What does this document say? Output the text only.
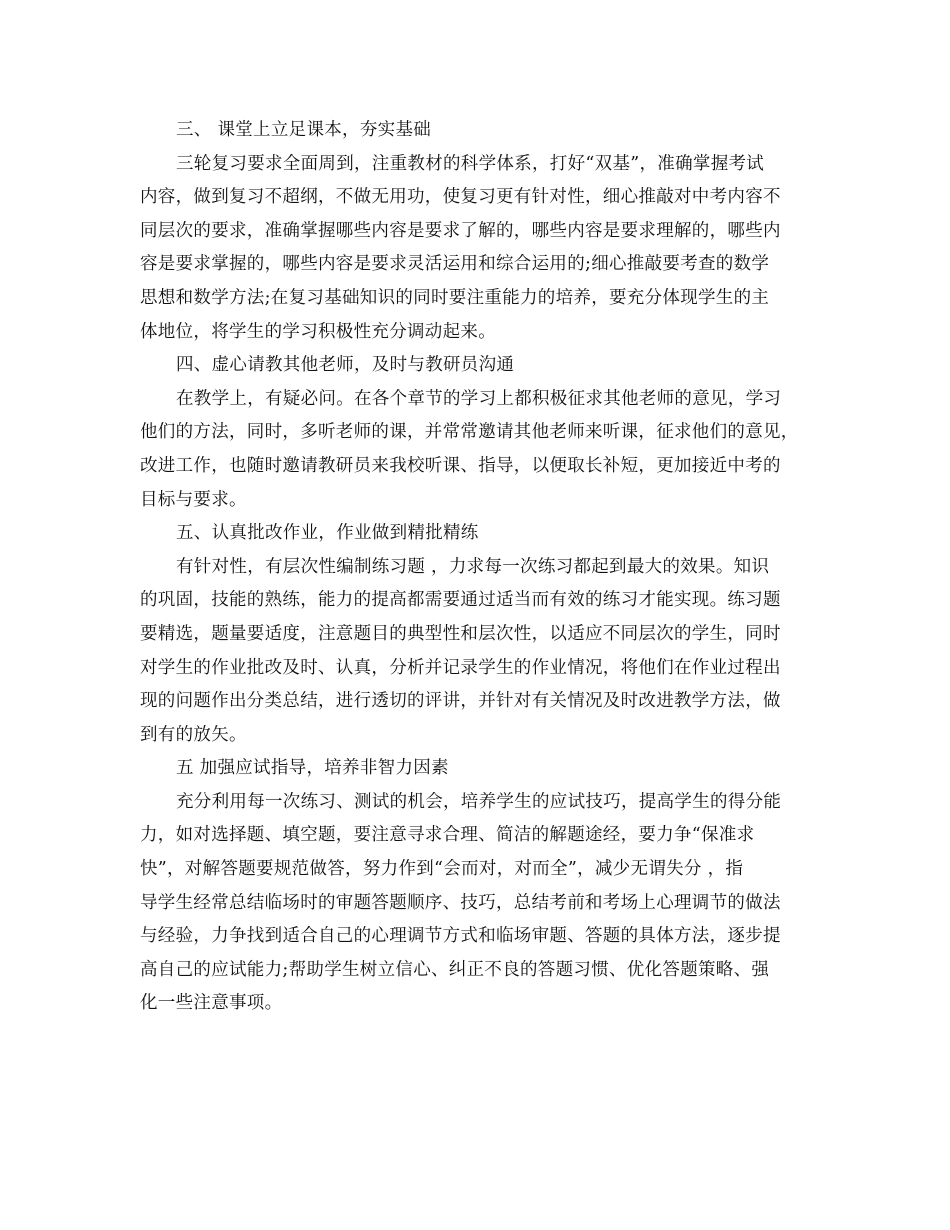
三、 课堂上立足课本，夯实基础
三轮复习要求全面周到，注重教材的科学体系，打好“双基”，准确掌握考试
内容，做到复习不超纲，不做无用功，使复习更有针对性，细心推敲对中考内容不
同层次的要求，准确掌握哪些内容是要求了解的，哪些内容是要求理解的，哪些内
容是要求掌握的，哪些内容是要求灵活运用和综合运用的;细心推敲要考查的数学
思想和数学方法;在复习基础知识的同时要注重能力的培养，要充分体现学生的主
体地位，将学生的学习积极性充分调动起来。
四、虚心请教其他老师，及时与教研员沟通
在教学上，有疑必问。在各个章节的学习上都积极征求其他老师的意见，学习
他们的方法，同时，多听老师的课，并常常邀请其他老师来听课，征求他们的意见，
改进工作，也随时邀请教研员来我校听课、指导，以便取长补短，更加接近中考的
目标与要求。
五、认真批改作业，作业做到精批精练
有针对性，有层次性编制练习题 ，力求每一次练习都起到最大的效果。知识
的巩固，技能的熟练，能力的提高都需要通过适当而有效的练习才能实现。练习题
要精选，题量要适度，注意题目的典型性和层次性，以适应不同层次的学生，同时
对学生的作业批改及时、认真，分析并记录学生的作业情况，将他们在作业过程出
现的问题作出分类总结，进行透切的评讲，并针对有关情况及时改进教学方法，做
到有的放矢。
五 加强应试指导，培养非智力因素
充分利用每一次练习、测试的机会，培养学生的应试技巧，提高学生的得分能
力，如对选择题、填空题，要注意寻求合理、简洁的解题途经，要力争“保准求
快”，对解答题要规范做答，努力作到“会而对，对而全”，减少无谓失分 ，指
导学生经常总结临场时的审题答题顺序、技巧，总结考前和考场上心理调节的做法
与经验，力争找到适合自己的心理调节方式和临场审题、答题的具体方法，逐步提
高自己的应试能力;帮助学生树立信心、纠正不良的答题习惯、优化答题策略、强
化一些注意事项。
